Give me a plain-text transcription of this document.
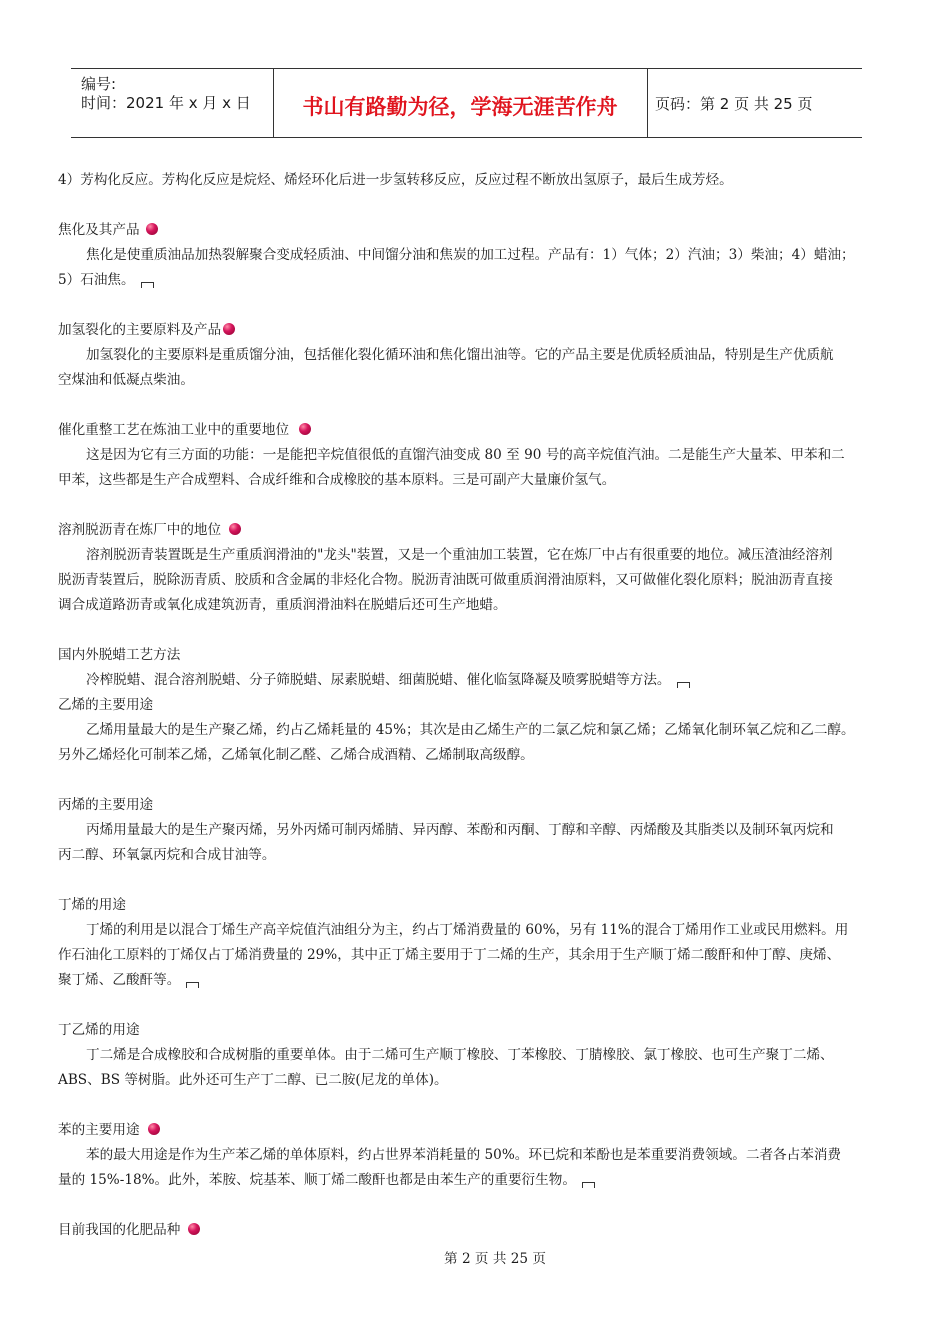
编号:
时间：2021 年 x 月 x 日	书山有路勤为径，学海无涯苦作舟	页码：第 2 页 共 25 页
4）芳构化反应。芳构化反应是烷烃、烯烃环化后进一步氢转移反应，反应过程不断放出氢原子，最后生成芳烃。
焦化及其产品
焦化是使重质油品加热裂解聚合变成轻质油、中间馏分油和焦炭的加工过程。产品有：1）气体；2）汽油；3）柴油；4）蜡油；
5）石油焦。
加氢裂化的主要原料及产品
加氢裂化的主要原料是重质馏分油，包括催化裂化循环油和焦化馏出油等。它的产品主要是优质轻质油品，特别是生产优质航
空煤油和低凝点柴油。
催化重整工艺在炼油工业中的重要地位
这是因为它有三方面的功能：一是能把辛烷值很低的直馏汽油变成 80 至 90 号的高辛烷值汽油。二是能生产大量苯、甲苯和二
甲苯，这些都是生产合成塑料、合成纤维和合成橡胶的基本原料。三是可副产大量廉价氢气。
溶剂脱沥青在炼厂中的地位
溶剂脱沥青装置既是生产重质润滑油的"龙头"装置，又是一个重油加工装置，它在炼厂中占有很重要的地位。减压渣油经溶剂
脱沥青装置后，脱除沥青质、胶质和含金属的非烃化合物。脱沥青油既可做重质润滑油原料，又可做催化裂化原料；脱油沥青直接
调合成道路沥青或氧化成建筑沥青，重质润滑油料在脱蜡后还可生产地蜡。
国内外脱蜡工艺方法
冷榨脱蜡、混合溶剂脱蜡、分子筛脱蜡、尿素脱蜡、细菌脱蜡、催化临氢降凝及喷雾脱蜡等方法。
乙烯的主要用途
乙烯用量最大的是生产聚乙烯，约占乙烯耗量的 45%；其次是由乙烯生产的二氯乙烷和氯乙烯；乙烯氧化制环氧乙烷和乙二醇。
另外乙烯烃化可制苯乙烯，乙烯氧化制乙醛、乙烯合成酒精、乙烯制取高级醇。
丙烯的主要用途
丙烯用量最大的是生产聚丙烯，另外丙烯可制丙烯腈、异丙醇、苯酚和丙酮、丁醇和辛醇、丙烯酸及其脂类以及制环氧丙烷和
丙二醇、环氧氯丙烷和合成甘油等。
丁烯的用途
丁烯的利用是以混合丁烯生产高辛烷值汽油组分为主，约占丁烯消费量的 60%，另有 11%的混合丁烯用作工业或民用燃料。用
作石油化工原料的丁烯仅占丁烯消费量的 29%，其中正丁烯主要用于丁二烯的生产，其余用于生产顺丁烯二酸酐和仲丁醇、庚烯、
聚丁烯、乙酸酐等。
丁乙烯的用途
丁二烯是合成橡胶和合成树脂的重要单体。由于二烯可生产顺丁橡胶、丁苯橡胶、丁腈橡胶、氯丁橡胶、也可生产聚丁二烯、
ABS、BS 等树脂。此外还可生产丁二醇、已二胺(尼龙的单体)。
苯的主要用途
苯的最大用途是作为生产苯乙烯的单体原料，约占世界苯消耗量的 50%。环已烷和苯酚也是苯重要消费领域。二者各占苯消费
量的 15%-18%。此外，苯胺、烷基苯、顺丁烯二酸酐也都是由苯生产的重要衍生物。
目前我国的化肥品种
第 2 页 共 25 页
